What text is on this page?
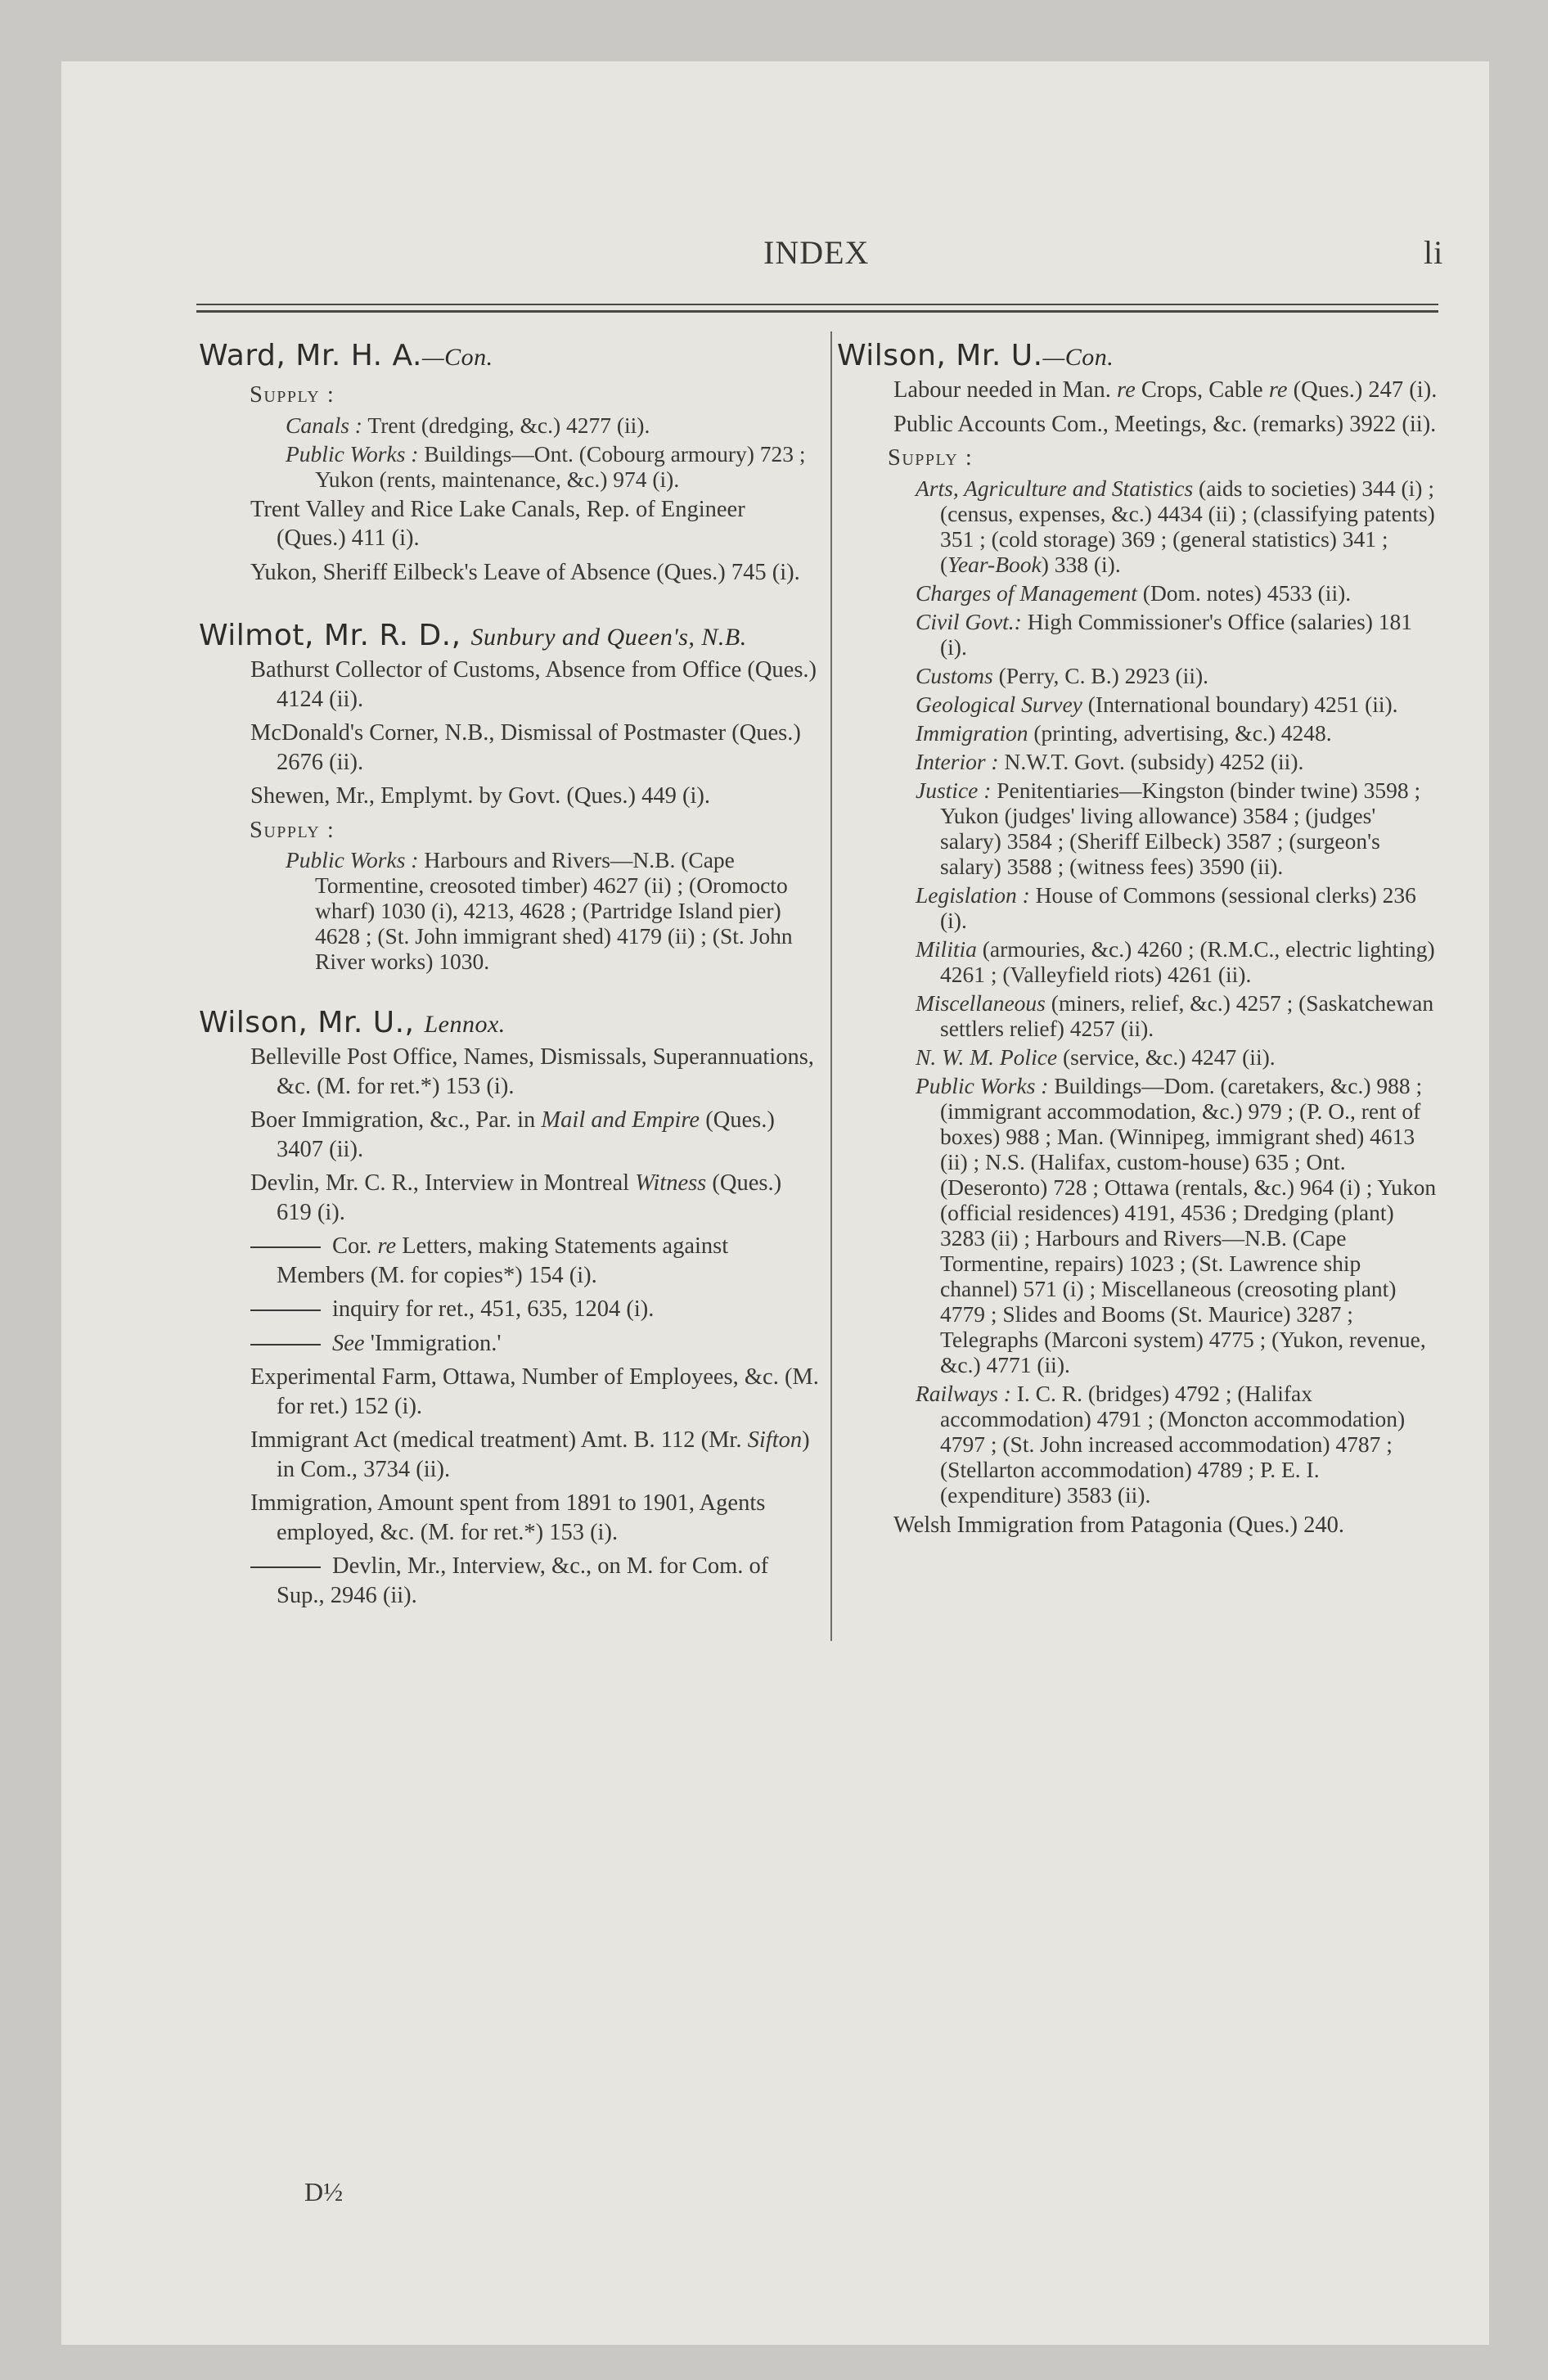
INDEX	li
Ward, Mr. H. A.—Con.
Supply :
Canals : Trent (dredging, &c.) 4277 (ii).
Public Works : Buildings—Ont. (Cobourg armoury) 723 ; Yukon (rents, maintenance, &c.) 974 (i).
Trent Valley and Rice Lake Canals, Rep. of Engineer (Ques.) 411 (i).
Yukon, Sheriff Eilbeck's Leave of Absence (Ques.) 745 (i).
Wilmot, Mr. R. D., Sunbury and Queen's, N.B.
Bathurst Collector of Customs, Absence from Office (Ques.) 4124 (ii).
McDonald's Corner, N.B., Dismissal of Postmaster (Ques.) 2676 (ii).
Shewen, Mr., Emplymt. by Govt. (Ques.) 449 (i).
Supply :
Public Works : Harbours and Rivers—N.B. (Cape Tormentine, creosoted timber) 4627 (ii) ; (Oromocto wharf) 1030 (i), 4213, 4628 ; (Partridge Island pier) 4628 ; (St. John immigrant shed) 4179 (ii) ; (St. John River works) 1030.
Wilson, Mr. U., Lennox.
Belleville Post Office, Names, Dismissals, Superannuations, &c. (M. for ret.*) 153 (i).
Boer Immigration, &c., Par. in Mail and Empire (Ques.) 3407 (ii).
Devlin, Mr. C. R., Interview in Montreal Witness (Ques.) 619 (i).
Cor. re Letters, making Statements against Members (M. for copies*) 154 (i).
inquiry for ret., 451, 635, 1204 (i).
See 'Immigration.'
Experimental Farm, Ottawa, Number of Employees, &c. (M. for ret.) 152 (i).
Immigrant Act (medical treatment) Amt. B. 112 (Mr. Sifton) in Com., 3734 (ii).
Immigration, Amount spent from 1891 to 1901, Agents employed, &c. (M. for ret.*) 153 (i).
Devlin, Mr., Interview, &c., on M. for Com. of Sup., 2946 (ii).
Wilson, Mr. U.—Con.
Labour needed in Man. re Crops, Cable re (Ques.) 247 (i).
Public Accounts Com., Meetings, &c. (remarks) 3922 (ii).
Supply :
Arts, Agriculture and Statistics (aids to societies) 344 (i) ; (census, expenses, &c.) 4434 (ii) ; (classifying patents) 351 ; (cold storage) 369 ; (general statistics) 341 ; (Year-Book) 338 (i).
Charges of Management (Dom. notes) 4533 (ii).
Civil Govt.: High Commissioner's Office (salaries) 181 (i).
Customs (Perry, C. B.) 2923 (ii).
Geological Survey (International boundary) 4251 (ii).
Immigration (printing, advertising, &c.) 4248.
Interior : N.W.T. Govt. (subsidy) 4252 (ii).
Justice : Penitentiaries—Kingston (binder twine) 3598 ; Yukon (judges' living allowance) 3584 ; (judges' salary) 3584 ; (Sheriff Eilbeck) 3587 ; (surgeon's salary) 3588 ; (witness fees) 3590 (ii).
Legislation : House of Commons (sessional clerks) 236 (i).
Militia (armouries, &c.) 4260 ; (R.M.C., electric lighting) 4261 ; (Valleyfield riots) 4261 (ii).
Miscellaneous (miners, relief, &c.) 4257 ; (Saskatchewan settlers relief) 4257 (ii).
N. W. M. Police (service, &c.) 4247 (ii).
Public Works : Buildings—Dom. (caretakers, &c.) 988 ; (immigrant accommodation, &c.) 979 ; (P. O., rent of boxes) 988 ; Man. (Winnipeg, immigrant shed) 4613 (ii) ; N.S. (Halifax, custom-house) 635 ; Ont. (Deseronto) 728 ; Ottawa (rentals, &c.) 964 (i) ; Yukon (official residences) 4191, 4536 ; Dredging (plant) 3283 (ii) ; Harbours and Rivers—N.B. (Cape Tormentine, repairs) 1023 ; (St. Lawrence ship channel) 571 (i) ; Miscellaneous (creosoting plant) 4779 ; Slides and Booms (St. Maurice) 3287 ; Telegraphs (Marconi system) 4775 ; (Yukon, revenue, &c.) 4771 (ii).
Railways : I. C. R. (bridges) 4792 ; (Halifax accommodation) 4791 ; (Moncton accommodation) 4797 ; (St. John increased accommodation) 4787 ; (Stellarton accommodation) 4789 ; P. E. I. (expenditure) 3583 (ii).
Welsh Immigration from Patagonia (Ques.) 240.
D½
